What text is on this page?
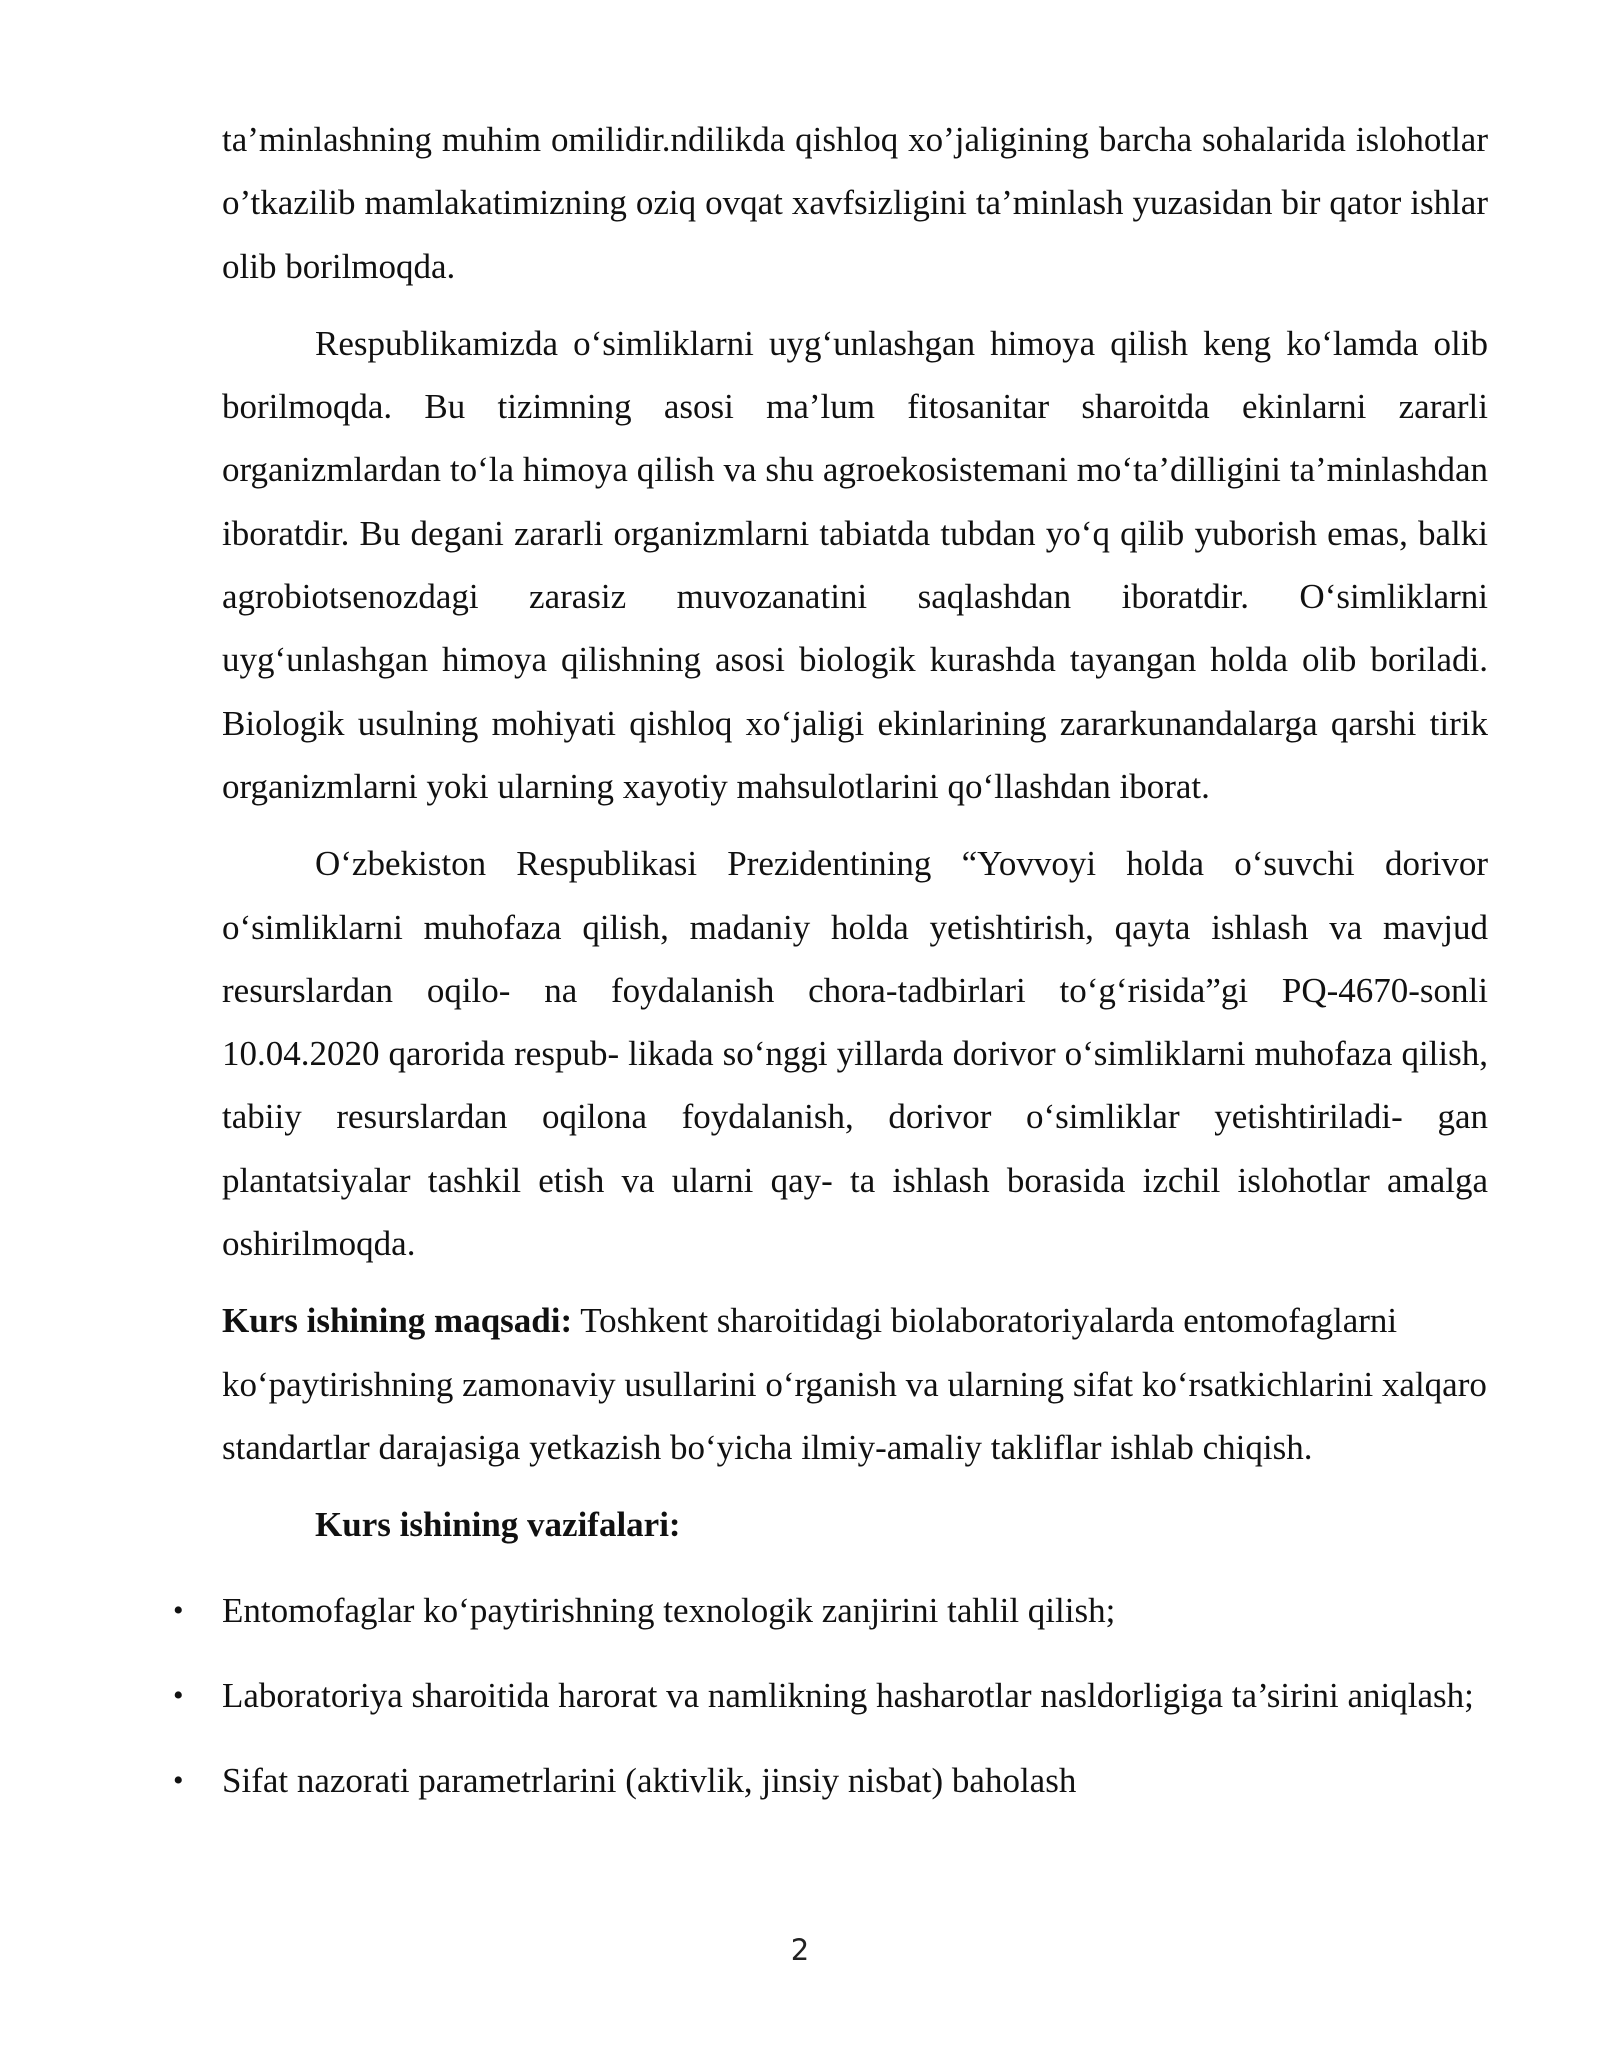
ta’minlashning muhim omilidir.ndilikda qishloq xo’jaligining barcha sohalarida islohotlar o’tkazilib mamlakatimizning oziq ovqat xavfsizligini ta’minlash yuzasidan bir qator ishlar olib borilmoqda.

Respublikamizda o‘simliklarni uyg‘unlashgan himoya qilish keng ko‘lamda olib borilmoqda. Bu tizimning asosi ma’lum fitosanitar sharoitda ekinlarni zararli organizmlardan to‘la himoya qilish va shu agroekosistemani mo‘ta’dilligini ta’minlashdan iboratdir. Bu degani zararli organizmlarni tabiatda tubdan yo‘q qilib yuborish emas, balki agrobiotsenozdagi zarasiz muvozanatini saqlashdan iboratdir. O‘simliklarni uyg‘unlashgan himoya qilishning asosi biologik kurashda tayangan holda olib boriladi. Biologik usulning mohiyati qishloq xo‘jaligi ekinlarining zararkunandalarga qarshi tirik organizmlarni yoki ularning xayotiy mahsulotlarini qo‘llashdan iborat.

O‘zbekiston Respublikasi Prezidentining “Yovvoyi holda o‘suvchi dorivor o‘simliklarni muhofaza qilish, madaniy holda yetishtirish, qayta ishlash va mavjud resurslardan oqilo- na foydalanish chora-tadbirlari to‘g‘risida”gi PQ-4670-sonli 10.04.2020 qarorida respub- likada so‘nggi yillarda dorivor o‘simliklarni muhofaza qilish, tabiiy resurslardan oqilona foydalanish, dorivor o‘simliklar yetishtiriladi- gan plantatsiyalar tashkil etish va ularni qay- ta ishlash borasida izchil islohotlar amalga oshirilmoqda.

Kurs ishining maqsadi: Toshkent sharoitidagi biolaboratoriyalarda entomofaglarni ko‘paytirishning zamonaviy usullarini o‘rganish va ularning sifat ko‘rsatkichlarini xalqaro standartlar darajasiga yetkazish bo‘yicha ilmiy-amaliy takliflar ishlab chiqish.

Kurs ishining vazifalari:

• Entomofaglar ko‘paytirishning texnologik zanjirini tahlil qilish;
• Laboratoriya sharoitida harorat va namlikning hasharotlar nasldorligiga ta’sirini aniqlash;
• Sifat nazorati parametrlarini (aktivlik, jinsiy nisbat) baholash
2
